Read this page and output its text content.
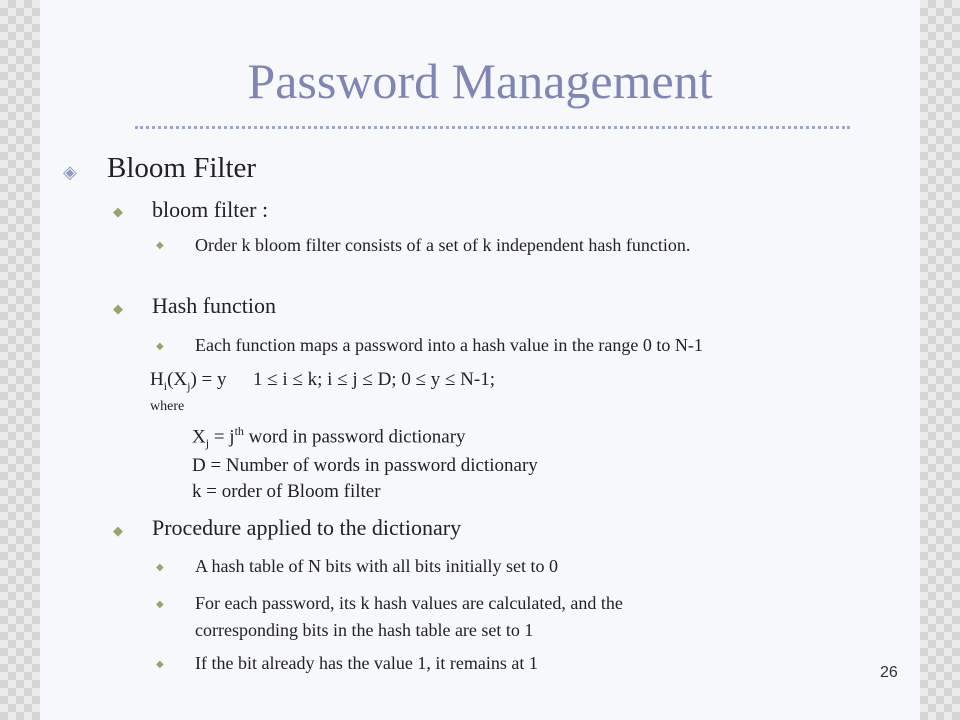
Password Management
◈ Bloom Filter
◆ bloom filter :
◆ Order k bloom filter consists of a set of k independent hash function.
◆ Hash function
◆ Each function maps a password into a hash value in the range 0 to N-1
$H_i(X_j) = y$ 1 ≤ i ≤ k; i ≤ j ≤ D; 0 ≤ y ≤ N-1;
where
$X_j = j^{th}$ word in password dictionary
D = Number of words in password dictionary
k = order of Bloom filter
◆ Procedure applied to the dictionary
◆ A hash table of N bits with all bits initially set to 0
◆ For each password, its k hash values are calculated, and the
corresponding bits in the hash table are set to 1
◆ If the bit already has the value 1, it remains at 1	26
